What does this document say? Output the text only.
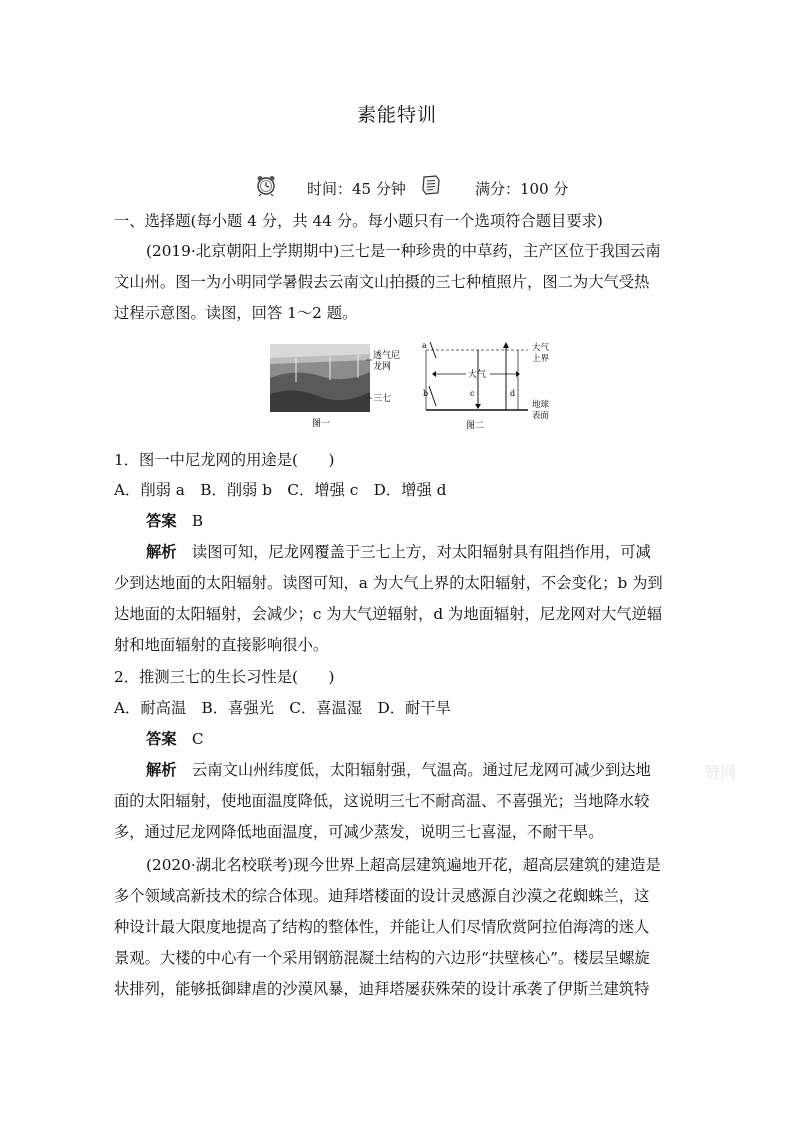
素能特训
时间：45 分钟	满分：100 分
一、选择题(每小题 4 分，共 44 分。每小题只有一个选项符合题目要求)
(2019·北京朝阳上学期期中)三七是一种珍贵的中草药，主产区位于我国云南
文山州。图一为小明同学暑假去云南文山拍摄的三七种植照片，图二为大气受热
过程示意图。读图，回答 1～2 题。
透气尼
龙网
三七
图一
a
b	c	d
大气
大气
上界
地球
表面
图二
1．图一中尼龙网的用途是(　　)
A．削弱 a　B．削弱 b　C．增强 c　D．增强 d
答案　 B
解析　 读图可知，尼龙网覆盖于三七上方，对太阳辐射具有阻挡作用，可减
少到达地面的太阳辐射。读图可知，a 为大气上界的太阳辐射，不会变化；b 为到
达地面的太阳辐射，会减少；c 为大气逆辐射，d 为地面辐射，尼龙网对大气逆辐
射和地面辐射的直接影响很小。
2．推测三七的生长习性是(　　)
A．耐高温　B．喜强光　C．喜温湿　D．耐干旱
答案　 C
解析　 云南文山州纬度低，太阳辐射强，气温高。通过尼龙网可减少到达地
面的太阳辐射，使地面温度降低，这说明三七不耐高温、不喜强光；当地降水较
多，通过尼龙网降低地面温度，可减少蒸发，说明三七喜湿，不耐干旱。
(2020·湖北名校联考)现今世界上超高层建筑遍地开花，超高层建筑的建造是
多个领域高新技术的综合体现。迪拜塔楼面的设计灵感源自沙漠之花蜘蛛兰，这
种设计最大限度地提高了结构的整体性，并能让人们尽情欣赏阿拉伯海湾的迷人
景观。大楼的中心有一个采用钢筋混凝土结构的六边形“扶壁核心”。楼层呈螺旋
状排列，能够抵御肆虐的沙漠风暴，迪拜塔屡获殊荣的设计承袭了伊斯兰建筑特
赞网
